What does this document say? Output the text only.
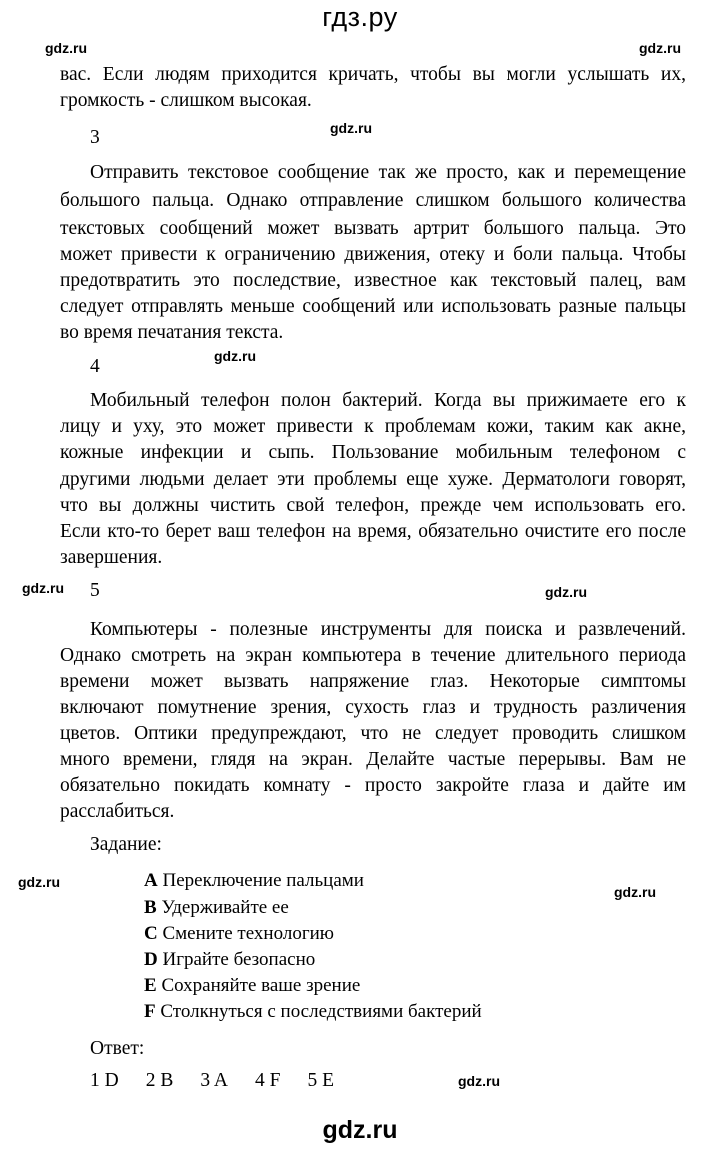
гдз.ру
gdz.ru	gdz.ru
gdz.ru
gdz.ru
gdz.ru	gdz.ru
gdz.ru
gdz.ru
gdz.ru
вас. Если людям приходится кричать, чтобы вы могли услышать их,
громкость - слишком высокая.
3
Отправить текстовое сообщение так же просто, как и перемещение
большого пальца. Однако отправление слишком большого количества
текстовых сообщений может вызвать артрит большого пальца. Это
может привести к ограничению движения, отеку и боли пальца. Чтобы
предотвратить это последствие, известное как текстовый палец, вам
следует отправлять меньше сообщений или использовать разные пальцы
во время печатания текста.
4
Мобильный телефон полон бактерий. Когда вы прижимаете его к
лицу и уху, это может привести к проблемам кожи, таким как акне,
кожные инфекции и сыпь. Пользование мобильным телефоном с
другими людьми делает эти проблемы еще хуже. Дерматологи говорят,
что вы должны чистить свой телефон, прежде чем использовать его.
Если кто-то берет ваш телефон на время, обязательно очистите его после
завершения.
5
Компьютеры - полезные инструменты для поиска и развлечений.
Однако смотреть на экран компьютера в течение длительного периода
времени может вызвать напряжение глаз. Некоторые симптомы
включают помутнение зрения, сухость глаз и трудность различения
цветов. Оптики предупреждают, что не следует проводить слишком
много времени, глядя на экран. Делайте частые перерывы. Вам не
обязательно покидать комнату - просто закройте глаза и дайте им
расслабиться.
Задание:
A Переключение пальцами
B Удерживайте ее
C Смените технологию
D Играйте безопасно
E Сохраняйте ваше зрение
F Столкнуться с последствиями бактерий
Ответ:
1 D 2 B 3 A 4 F 5 E
gdz.ru
